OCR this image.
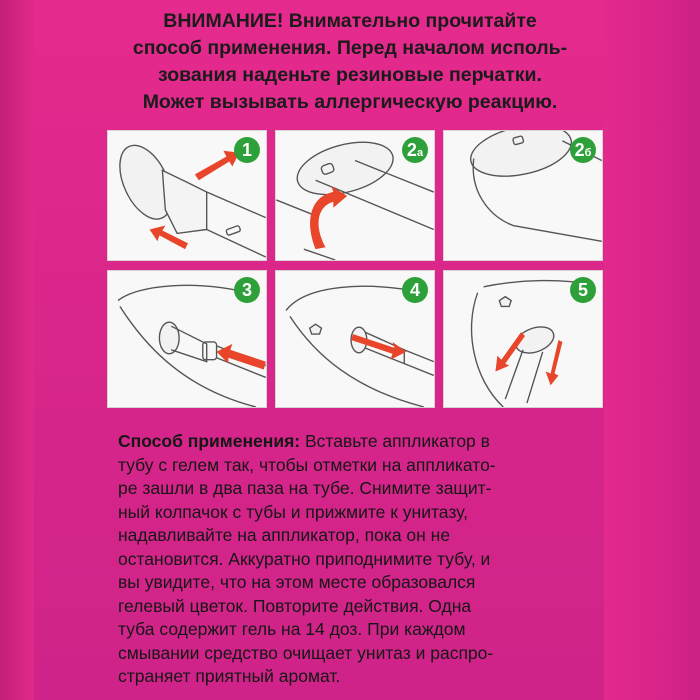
ВНИМАНИЕ! Внимательно прочитайте
способ применения. Перед началом исполь-
зования наденьте резиновые перчатки.
Может вызывать аллергическую реакцию.
1	2а	2б
3	4	5
Способ применения: Вставьте аппликатор в
тубу с гелем так, чтобы отметки на аппликато-
ре зашли в два паза на тубе. Снимите защит-
ный колпачок с тубы и прижмите к унитазу,
надавливайте на аппликатор, пока он не
остановится. Аккуратно приподнимите тубу, и
вы увидите, что на этом месте образовался
гелевый цветок. Повторите действия. Одна
туба содержит гель на 14 доз. При каждом
смывании средство очищает унитаз и распро-
страняет приятный аромат.
